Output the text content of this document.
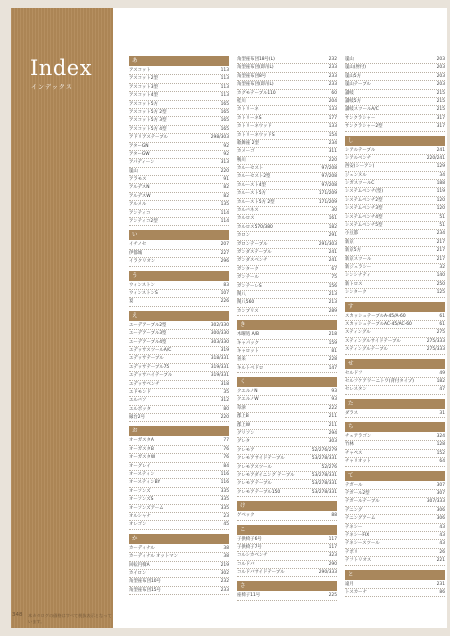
Index
インデックス
348 本カタログの価格はすべて税抜表示となっています。
あ
アスコット	113
アスコット2型	113
アスコット3型	113
アスコット4型	113
アスコット5方	165
アスコット5方 2型	165
アスコット5方 3型	165
アスコット5方 4型	165
アドリアステーブル	298/303
アターGN	92
アターGW	92
アパディーン	313
嵐山	220
アラモス	91
アルデスN	82
アルデスW	82
アルメル	135
アンティコ	114
アンティコ2型	114
い
イチノセ	207
伊都城	227
イラクリオン	296
う
ウィンストン	83
ウィンストンS	107
宴	226
え
エーデアーブル2型	302/330
エーデアーブル3型	300/330
エーデアーブル4型	303/330
エデッサスツールA/C	319
エデッサテーブル	318/331
エデッサテーブル75	319/331
エデッサハイテーブル	319/331
エデッサベンチ	318
エドモンド	35
エルバソ	312
エルボッタ	80
縁台2号	220
お
オーガスタA	77
オーガスタB	76
オーガスタW	76
オーグレイ	84
オースティン	116
オースティンBY	116
オーソンズ	335
オーソンズS	335
オーソンズアーム	335
オルシャナ	23
オレゴン	45
か
カーディナル	38
カーディナル オットマン	38
回転円椅A	219
カイロン	302
角型座布団10号	232
角型座布団15号	233
角型座布団18号(L)	232
角型座布団(即吊L)	233
角型座布団8号	233
角型座布団(即吊L)	233
カグモテーブル110	60
桂川	204
カトリーネ	133
カトリーネS	177
カトリーネウッド	133
カトリーネウッドS	154
歌舞座 2型	234
カメーゴ	311
鴨川	220
カルーセスト	97/208
カルーセスト2型	97/208
カルースト4型	97/208
カルースト5方	171/209
カルースト5方 2型	171/209
カルバネス	30
カルロス	161
カルロス570/380	182
カロン	291
ガロンテーブル	291/303
ガンダステーブル	241
ガンダスベンチ	241
ガンターク	67
ガンテール	75
ガンテーレS	156
関八	213
関八560	213
カンブリス	289
き
木曜処 A/B	218
キャパック	159
キャロット	81
喜来	228
キルトベドロ	147
く
クエルノN	93
クエルノW	93
草津	222
郡上B	211
郡上W	211
グリソン	294
グレタ	303
クレモア	52/276/279
クレモアサイドテーブル	53/278/331
クレモアスツール	52/276
クレモアダイニング テーブル	53/278/331
クレモアテーブル	53/278/331
クレモアテーブル150	53/278/331
け
ゲベック	88
こ
子供椅子6号	117
子供椅子7号	117
コルシカベンチ	323
コルドバ	290
コルドバサイドテーブル	290/333
さ
座椅子11号	225
嵐山	203
嵐山(肘付)	203
嵐山5方	203
嵐山テーブル	203
讃岐	215
讃岐5方	215
讃岐スツールA/C	215
サンクラシャー	317
サンクラシャー2型	317
し
シアルテーブル	241
シアルベンチ	220/241
西安(シーアン)	129
ジェンヌル	34
シガスツールC	188
システムベンチ(型)	119
システムベンチ2型	120
システムベンチ3型	120
システムベンチ4型	51
システムベンチ5型	51
小豆都	234
新京	217
新京5方	217
新京スツール	217
新ジェラシー	32
シンシナティ	140
新トロス	250
シンターク	125
す
スカッシュテーブルA-45/A-60	61
スカッシュテーブルAC-45/AC-60	61
スティングル	275
スティングルサイドテーブル	275/333
スティングルテーブル	275/333
せ
セルドフ	49
セルフケアワーニトワ(背付タイプ)	182
セレスタン	47
た
ダラス	31
ち
チェアラゴン	324
竹林	128
チャペス	152
チャリオット	64
て
テガール	307
テガール2型	307
テガールテーブル	307/333
デニング	306
テニングアーム	306
テネシー	43
テネシーFIX	43
テネシースツール	43
テポリ	26
テフトリオス	221
と
遠月	231
トスカーナ	86
